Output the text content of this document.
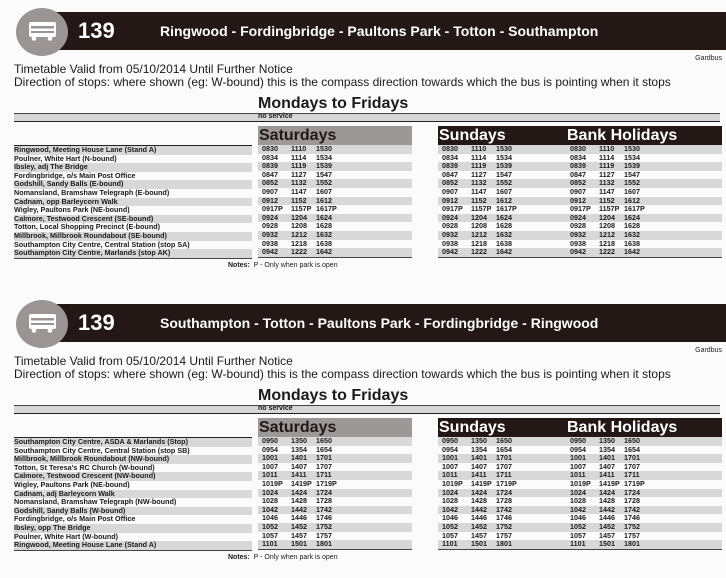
139	Ringwood - Fordingbridge - Paultons Park - Totton - Southampton
Gardbus
Timetable Valid from 05/10/2014 Until Further Notice
Direction of stops: where shown (eg: W-bound) this is the compass direction towards which the bus is pointing when it stops
Mondays to Fridays
no service
Ringwood, Meeting House Lane (Stand A)
Poulner, White Hart (N-bound)
Ibsley, adj The Bridge
Fordingbridge, o/s Main Post Office
Godshill, Sandy Balls (E-bound)
Nomansland, Bramshaw Telegraph (E-bound)
Cadnam, opp Barleycorn Walk
Wigley, Paultons Park (NE-bound)
Calmore, Testwood Crescent (SE-bound)
Totton, Local Shopping Precinct (E-bound)
Millbrook, Millbrook Roundabout (SE-bound)
Southampton City Centre, Central Station (stop SA)
Southampton City Centre, Marlands (stop AK)
Notes: P - Only when park is open
Saturdays
0830 1110 1530
0834 1114 1534
0839 1119 1539
0847 1127 1547
0852 1132 1552
0907 1147 1607
0912 1152 1612
0917P 1157P 1617P
0924 1204 1624
0928 1208 1628
0932 1212 1632
0938 1218 1638
0942 1222 1642
Sundays
0830 1110 1530
0834 1114 1534
0839 1119 1539
0847 1127 1547
0852 1132 1552
0907 1147 1607
0912 1152 1612
0917P 1157P 1617P
0924 1204 1624
0928 1208 1628
0932 1212 1632
0938 1218 1638
0942 1222 1642
Bank Holidays
0830 1110 1530
0834 1114 1534
0839 1119 1539
0847 1127 1547
0852 1132 1552
0907 1147 1607
0912 1152 1612
0917P 1157P 1617P
0924 1204 1624
0928 1208 1628
0932 1212 1632
0938 1218 1638
0942 1222 1642
139	Southampton - Totton - Paultons Park - Fordingbridge - Ringwood
Gardbus
Timetable Valid from 05/10/2014 Until Further Notice
Direction of stops: where shown (eg: W-bound) this is the compass direction towards which the bus is pointing when it stops
Mondays to Fridays
no service
Southampton City Centre, ASDA & Marlands (Stop)
Southampton City Centre, Central Station (stop SB)
Millbrook, Millbrook Roundabout (NW-bound)
Totton, St Teresa's RC Church (W-bound)
Calmore, Testwood Crescent (NW-bound)
Wigley, Paultons Park (NE-bound)
Cadnam, adj Barleycorn Walk
Nomansland, Bramshaw Telegraph (NW-bound)
Godshill, Sandy Balls (W-bound)
Fordingbridge, o/s Main Post Office
Ibsley, opp The Bridge
Poulner, White Hart (W-bound)
Ringwood, Meeting House Lane (Stand A)
Notes: P - Only when park is open
Saturdays
0950 1350 1650
0954 1354 1654
1001 1401 1701
1007 1407 1707
1011 1411 1711
1019P 1419P 1719P
1024 1424 1724
1028 1428 1728
1042 1442 1742
1046 1446 1746
1052 1452 1752
1057 1457 1757
1101 1501 1801
Sundays
0950 1350 1650
0954 1354 1654
1001 1401 1701
1007 1407 1707
1011 1411 1711
1019P 1419P 1719P
1024 1424 1724
1028 1428 1728
1042 1442 1742
1046 1446 1746
1052 1452 1752
1057 1457 1757
1101 1501 1801
Bank Holidays
0950 1350 1650
0954 1354 1654
1001 1401 1701
1007 1407 1707
1011 1411 1711
1019P 1419P 1719P
1024 1424 1724
1028 1428 1728
1042 1442 1742
1046 1446 1746
1052 1452 1752
1057 1457 1757
1101 1501 1801
